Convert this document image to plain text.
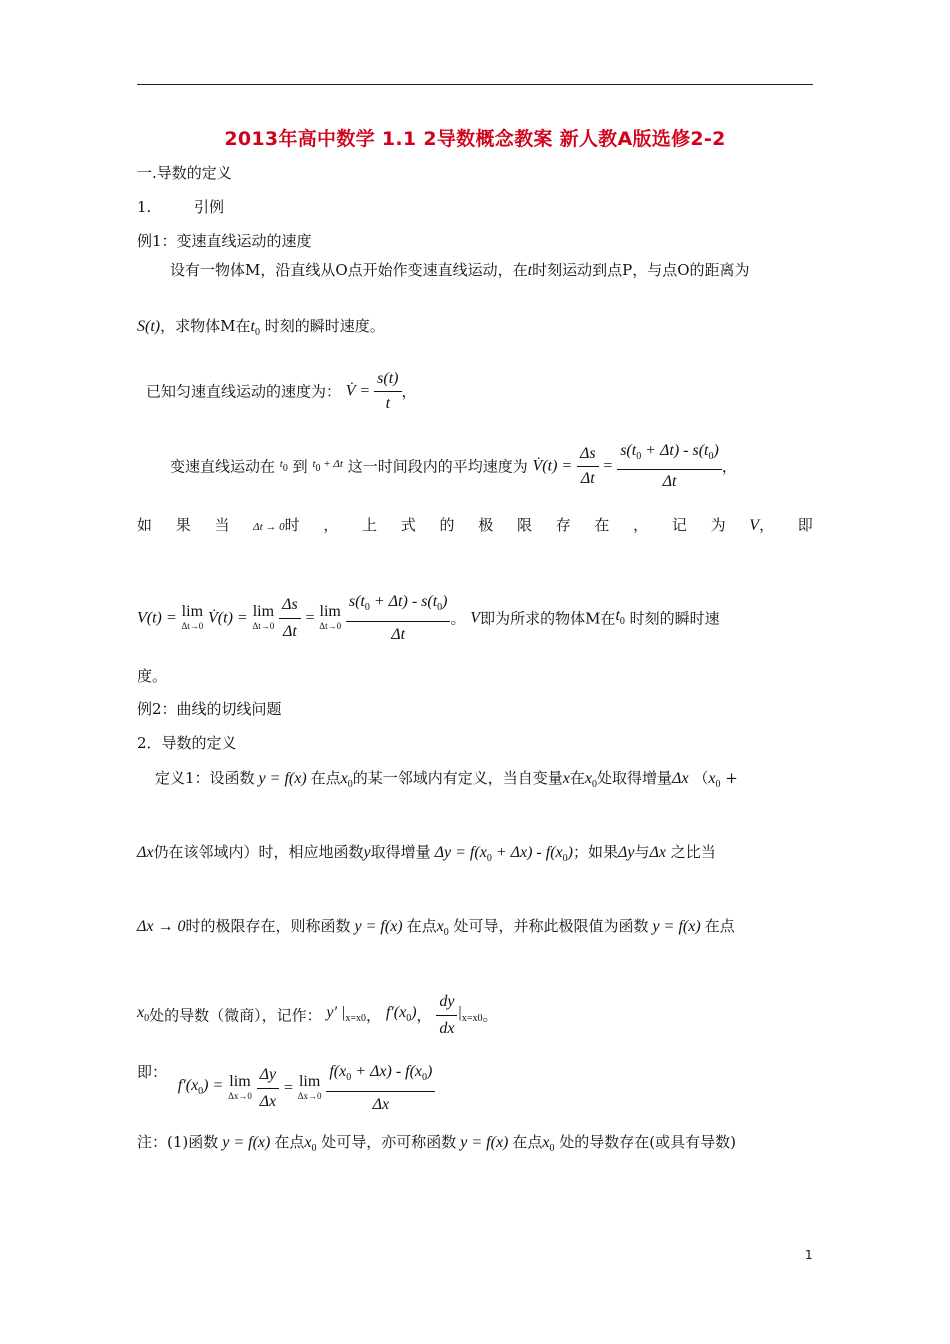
2013年高中数学 1.1 2导数概念教案 新人教A版选修2-2
一.导数的定义
1.	引例
例1：变速直线运动的速度
设有一物体M，沿直线从O点开始作变速直线运动，在t时刻运动到点P，与点O的距离为
S(t)，求物体M在$t_0$ 时刻的瞬时速度。
已知匀速直线运动的速度为： V̇ = $\frac{s(t)}{t}$ ，
变速直线运动在 t0 到 t0 + Δt 这一时间段内的平均速度为 V̇(t) = $\frac{\Delta s}{\Delta t} = \frac{s(t_0 + \Delta t) - s(t_0)}{\Delta t}$ ，
如 果 当 Δt → 0时 ， 上 式 的 极 限 存 在 ， 记 为 V， 即
V(t) = lim
Δt→0 V̇(t) = lim
Δt→0
$\frac{\Delta s}{\Delta t} = \lim$
Δt→0
$\frac{s(t_0 + \Delta t) - s(t_0)}{\Delta t}$ 。 V即为所求的物体M在$t_0$ 时刻的瞬时速
度。
例2：曲线的切线问题
2．导数的定义
定义1：设函数 y = f(x) 在点$x_0$的某一邻域内有定义，当自变量x在$x_0$处取得增量Δx （$x_0$ +
Δx仍在该邻域内）时，相应地函数y取得增量 $\Delta y = f(x_0 + \Delta x) - f(x_0)$；如果Δy与Δx 之比当
Δx → 0时的极限存在，则称函数 y = f(x) 在点$x_0$ 处可导，并称此极限值为函数 y = f(x) 在点
$x_0$处的导数（微商），记作： y′ $|_{x=x0}$， $f'(x_0)$， $\frac{dy}{dx} |_{x=x0}$。
即： $f'(x_0) = \lim$
Δx→0
$\frac{\Delta y}{\Delta x} = \lim$
Δx→0
$\frac{f(x_0 + \Delta x) - f(x_0)}{\Delta x}$
注：(1)函数 y = f(x) 在点$x_0$ 处可导，亦可称函数 y = f(x) 在点$x_0$ 处的导数存在(或具有导数)
1
